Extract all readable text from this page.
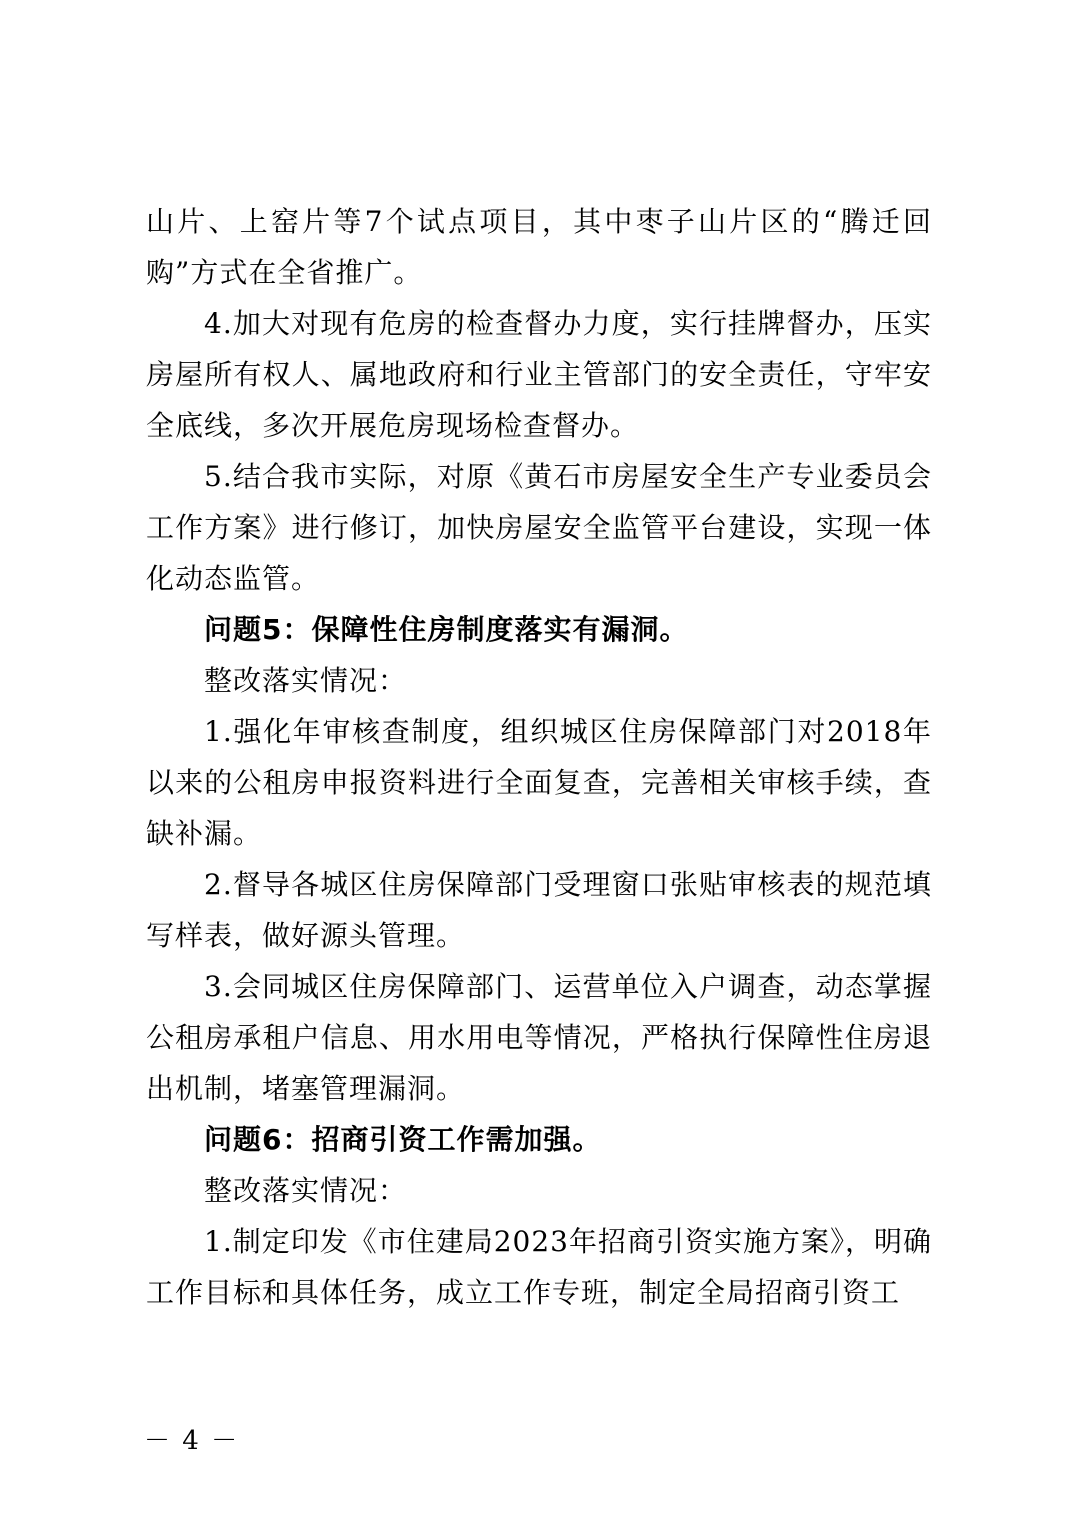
山片、上窑片等7个试点项目，其中枣子山片区的“腾迁回购”方式在全省推广。

4.加大对现有危房的检查督办力度，实行挂牌督办，压实房屋所有权人、属地政府和行业主管部门的安全责任，守牢安全底线，多次开展危房现场检查督办。

5.结合我市实际，对原《黄石市房屋安全生产专业委员会工作方案》进行修订，加快房屋安全监管平台建设，实现一体化动态监管。

问题5：保障性住房制度落实有漏洞。

整改落实情况：

1.强化年审核查制度，组织城区住房保障部门对2018年以来的公租房申报资料进行全面复查，完善相关审核手续，查缺补漏。

2.督导各城区住房保障部门受理窗口张贴审核表的规范填写样表，做好源头管理。

3.会同城区住房保障部门、运营单位入户调查，动态掌握公租房承租户信息、用水用电等情况，严格执行保障性住房退出机制，堵塞管理漏洞。

问题6：招商引资工作需加强。

整改落实情况：

1.制定印发《市住建局2023年招商引资实施方案》，明确工作目标和具体任务，成立工作专班，制定全局招商引资工

－ 4 －
